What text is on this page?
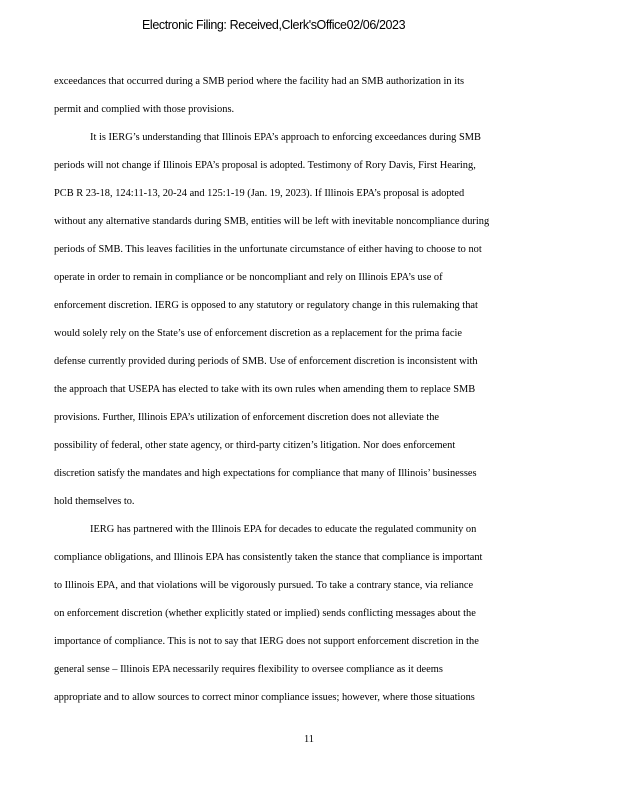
Electronic Filing: Received,Clerk'sOffice02/06/2023
exceedances that occurred during a SMB period where the facility had an SMB authorization in its
permit and complied with those provisions.
It is IERG’s understanding that Illinois EPA’s approach to enforcing exceedances during SMB
periods will not change if Illinois EPA’s proposal is adopted. Testimony of Rory Davis, First Hearing,
PCB R 23-18, 124:11-13, 20-24 and 125:1-19 (Jan. 19, 2023). If Illinois EPA’s proposal is adopted
without any alternative standards during SMB, entities will be left with inevitable noncompliance during
periods of SMB. This leaves facilities in the unfortunate circumstance of either having to choose to not
operate in order to remain in compliance or be noncompliant and rely on Illinois EPA’s use of
enforcement discretion. IERG is opposed to any statutory or regulatory change in this rulemaking that
would solely rely on the State’s use of enforcement discretion as a replacement for the prima facie
defense currently provided during periods of SMB. Use of enforcement discretion is inconsistent with
the approach that USEPA has elected to take with its own rules when amending them to replace SMB
provisions. Further, Illinois EPA’s utilization of enforcement discretion does not alleviate the
possibility of federal, other state agency, or third-party citizen’s litigation. Nor does enforcement
discretion satisfy the mandates and high expectations for compliance that many of Illinois’ businesses
hold themselves to.
IERG has partnered with the Illinois EPA for decades to educate the regulated community on
compliance obligations, and Illinois EPA has consistently taken the stance that compliance is important
to Illinois EPA, and that violations will be vigorously pursued. To take a contrary stance, via reliance
on enforcement discretion (whether explicitly stated or implied) sends conflicting messages about the
importance of compliance. This is not to say that IERG does not support enforcement discretion in the
general sense – Illinois EPA necessarily requires flexibility to oversee compliance as it deems
appropriate and to allow sources to correct minor compliance issues; however, where those situations
11
